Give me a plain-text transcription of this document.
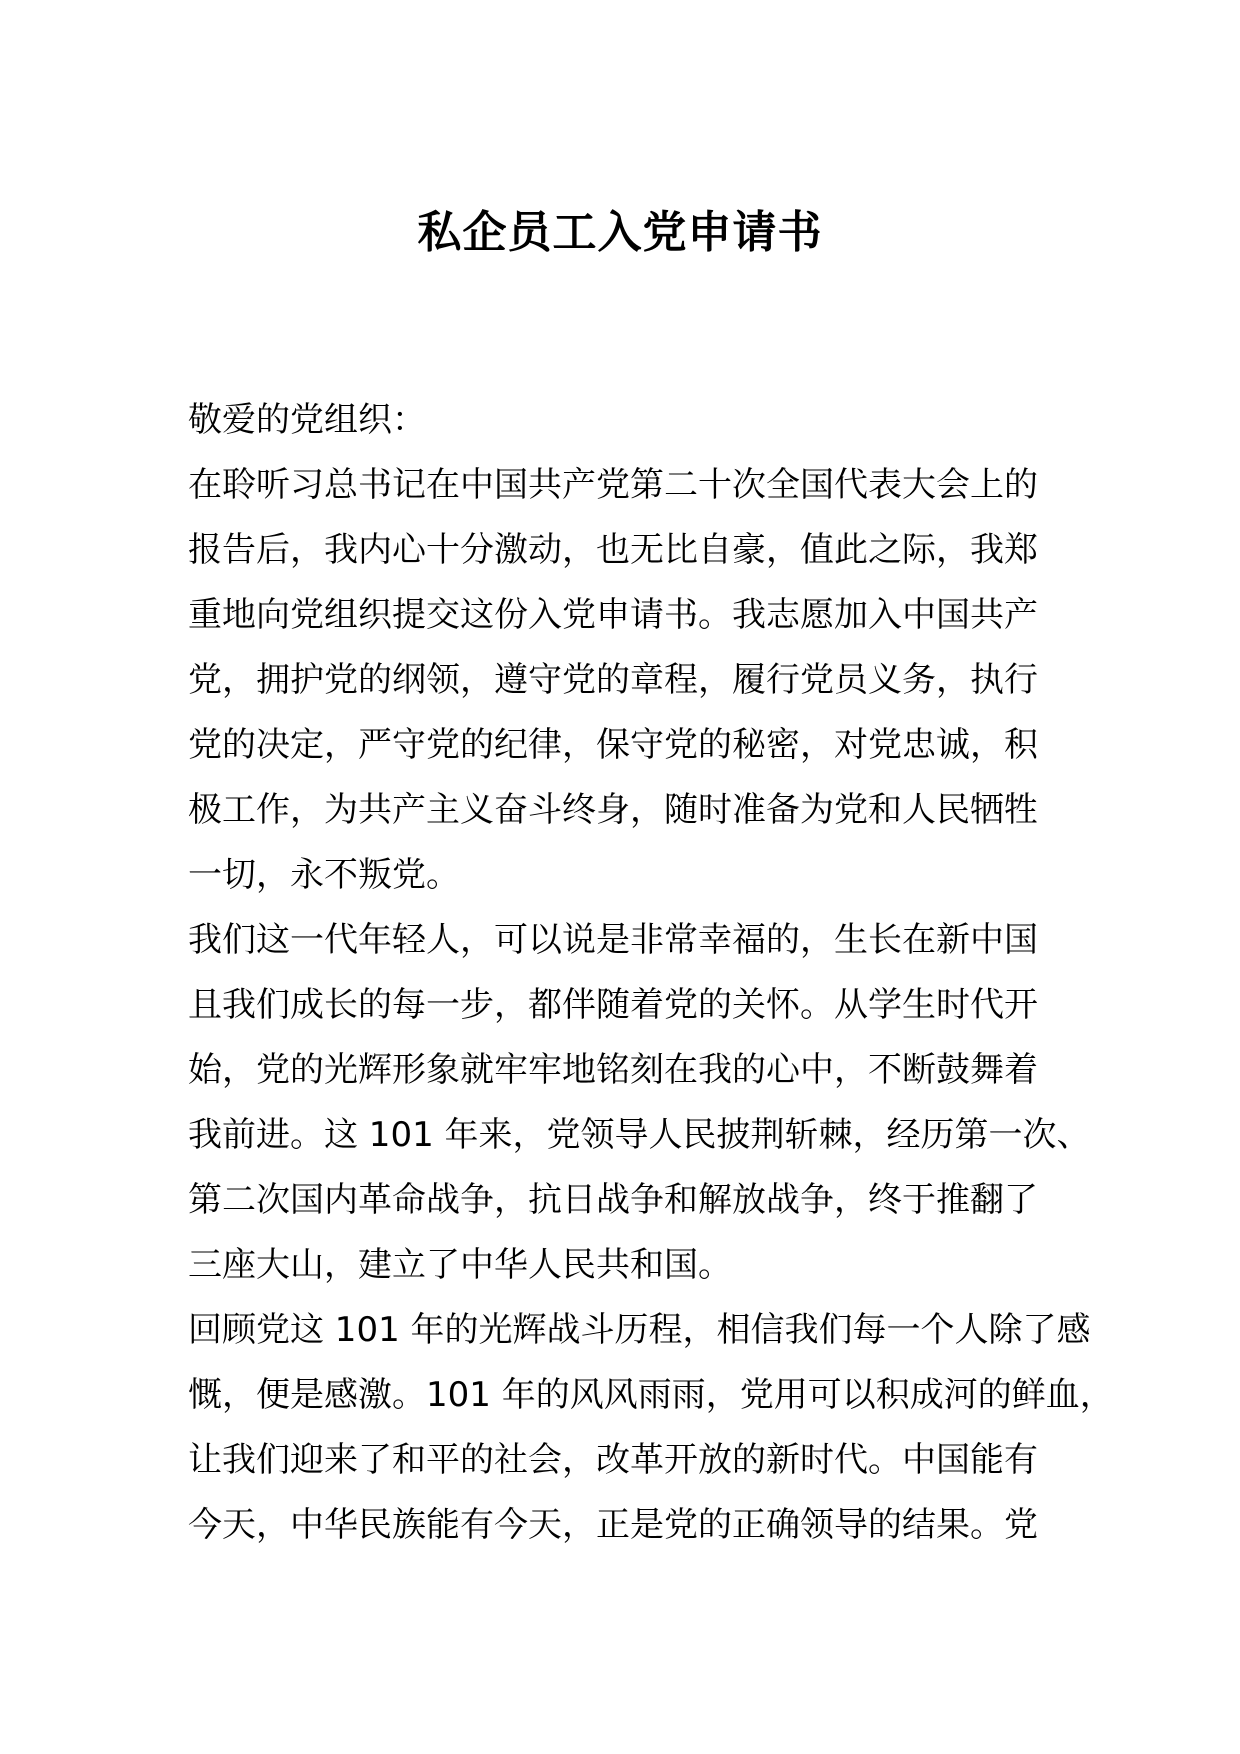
私企员工入党申请书
敬爱的党组织：
在聆听习总书记在中国共产党第二十次全国代表大会上的
报告后，我内心十分激动，也无比自豪，值此之际，我郑
重地向党组织提交这份入党申请书。我志愿加入中国共产
党，拥护党的纲领，遵守党的章程，履行党员义务，执行
党的决定，严守党的纪律，保守党的秘密，对党忠诚，积
极工作，为共产主义奋斗终身，随时准备为党和人民牺牲
一切，永不叛党。
我们这一代年轻人，可以说是非常幸福的，生长在新中国
且我们成长的每一步，都伴随着党的关怀。从学生时代开
始，党的光辉形象就牢牢地铭刻在我的心中，不断鼓舞着
我前进。这 101 年来，党领导人民披荆斩棘，经历第一次、
第二次国内革命战争，抗日战争和解放战争，终于推翻了
三座大山，建立了中华人民共和国。
回顾党这 101 年的光辉战斗历程，相信我们每一个人除了感
慨，便是感激。101 年的风风雨雨，党用可以积成河的鲜血，
让我们迎来了和平的社会，改革开放的新时代。中国能有
今天，中华民族能有今天，正是党的正确领导的结果。党
